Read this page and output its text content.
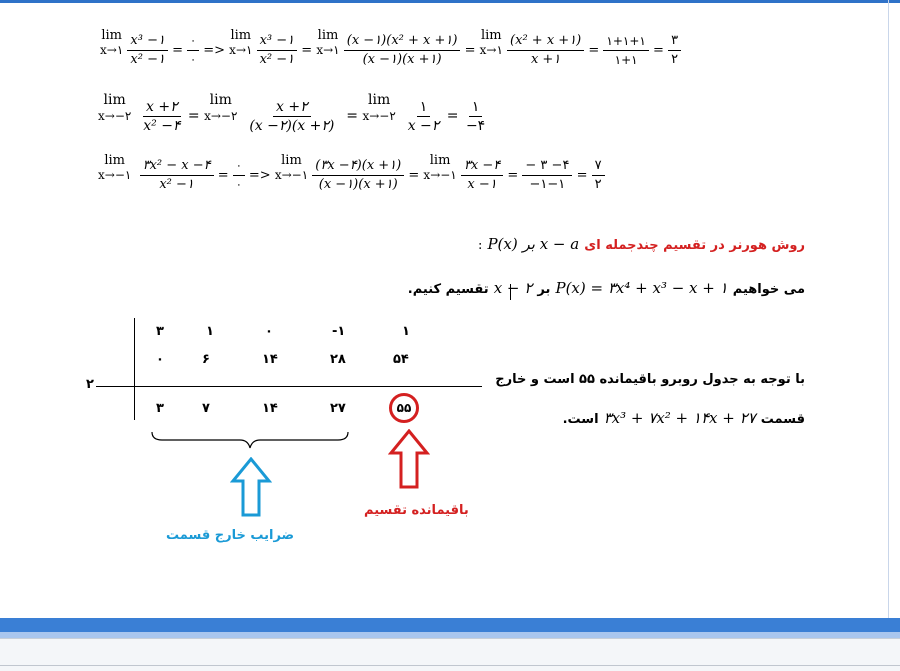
lim
x→۱ $\frac{\text{x³ −۱}}{\text{x² −۱}} = \frac{۰}{۰} => \lim$
x→۱ $\frac{\text{x³ −۱}}{\text{x² −۱}} = \lim$
x→۱ $\frac{\text{(x −۱)(x² + x +۱)}}{(x -۱)(x +۱)} = \lim$
x→۱ $\frac{\text{(x² + x +۱)}}{x +۱} = \frac{۱+۱+۱}{۱+۱} = \frac{۳}{۲}$
lim
x→−۲ $\frac{x +۲}{\text{x² −۴}} = \lim$
x→−۲ $\frac{x +۲}{(x -۲)(x +۲)} = \lim$
x→−۲ $\frac{۱}{x -۲} = \frac{۱}{-۴}$
lim
x→−۱ $\frac{\text{۳x² − x −۴}}{\text{x² −۱}} = \frac{۰}{۰} => \lim$
x→−۱ $\frac{(۳x -۴)(x +۱)}{(x -۱)(x +۱)} = \lim$
x→−۱ $\frac{۳x -۴}{x -۱} = \frac{- ۳ -۴}{-۱-۱} = \frac{۷}{۲}$
روش هورنر در تقسیم چندجمله ای P(x) بر x − a :
می خواهیم P(x) = ۳x⁴ + x³ − x + ۱ بر x − ۲ تقسیم کنیم.
۲
۳	۱	۰	-۱	۱
۰	۶	۱۴	۲۸	۵۴
۳	۷	۱۴	۲۷	۵۵
باقیمانده تقسیم
ضرایب خارج قسمت
با توجه به جدول روبرو باقیمانده ۵۵ است و خارج
قسمت ۳x³ + ۷x² + ۱۴x + ۲۷ است.
